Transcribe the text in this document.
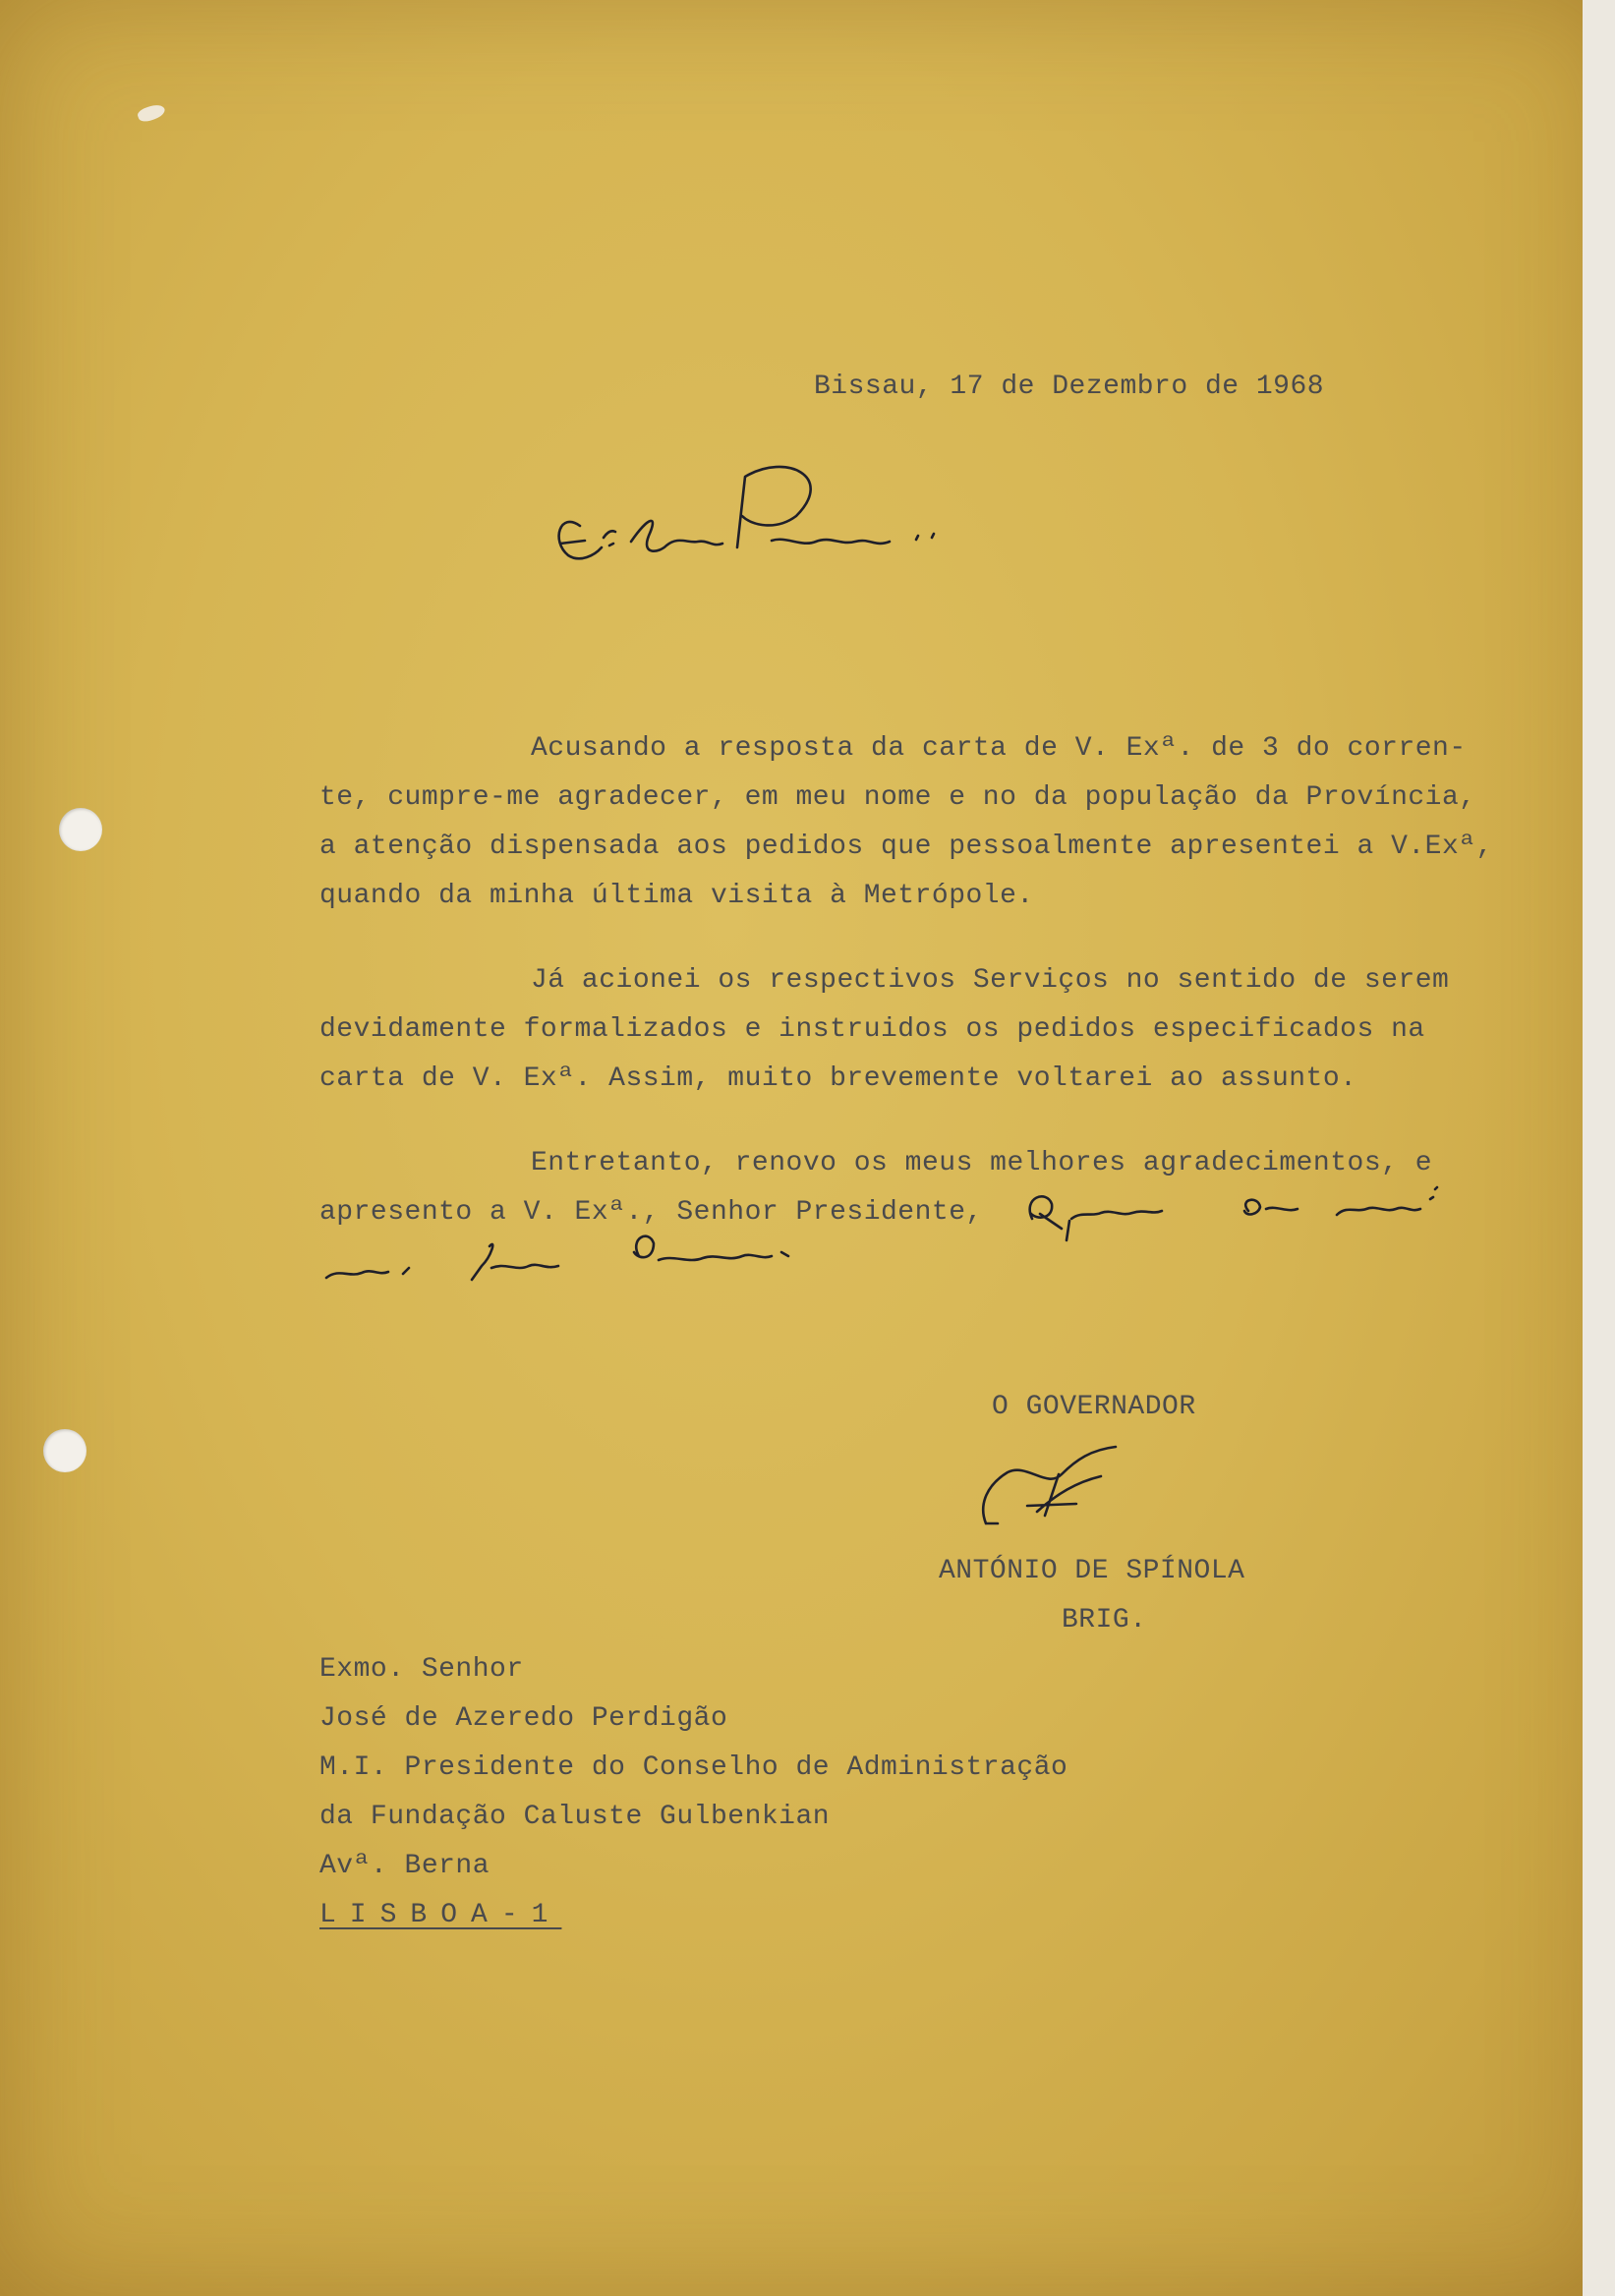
Bissau, 17 de Dezembro de 1968
Acusando a resposta da carta de V. Exª. de 3 do corren-
te, cumpre-me agradecer, em meu nome e no da população da Província,
a atenção dispensada aos pedidos que pessoalmente apresentei a V.Exª,
quando da minha última visita à Metrópole.
Já acionei os respectivos Serviços no sentido de serem
devidamente formalizados e instruidos os pedidos especificados na
carta de V. Exª. Assim, muito brevemente voltarei ao assunto.
Entretanto, renovo os meus melhores agradecimentos, e
apresento a V. Exª., Senhor Presidente,
O GOVERNADOR
ANTÓNIO DE SPÍNOLA
BRIG.
Exmo. Senhor
José de Azeredo Perdigão
M.I. Presidente do Conselho de Administração
da Fundação Caluste Gulbenkian
Avª. Berna
LISBOA-1
